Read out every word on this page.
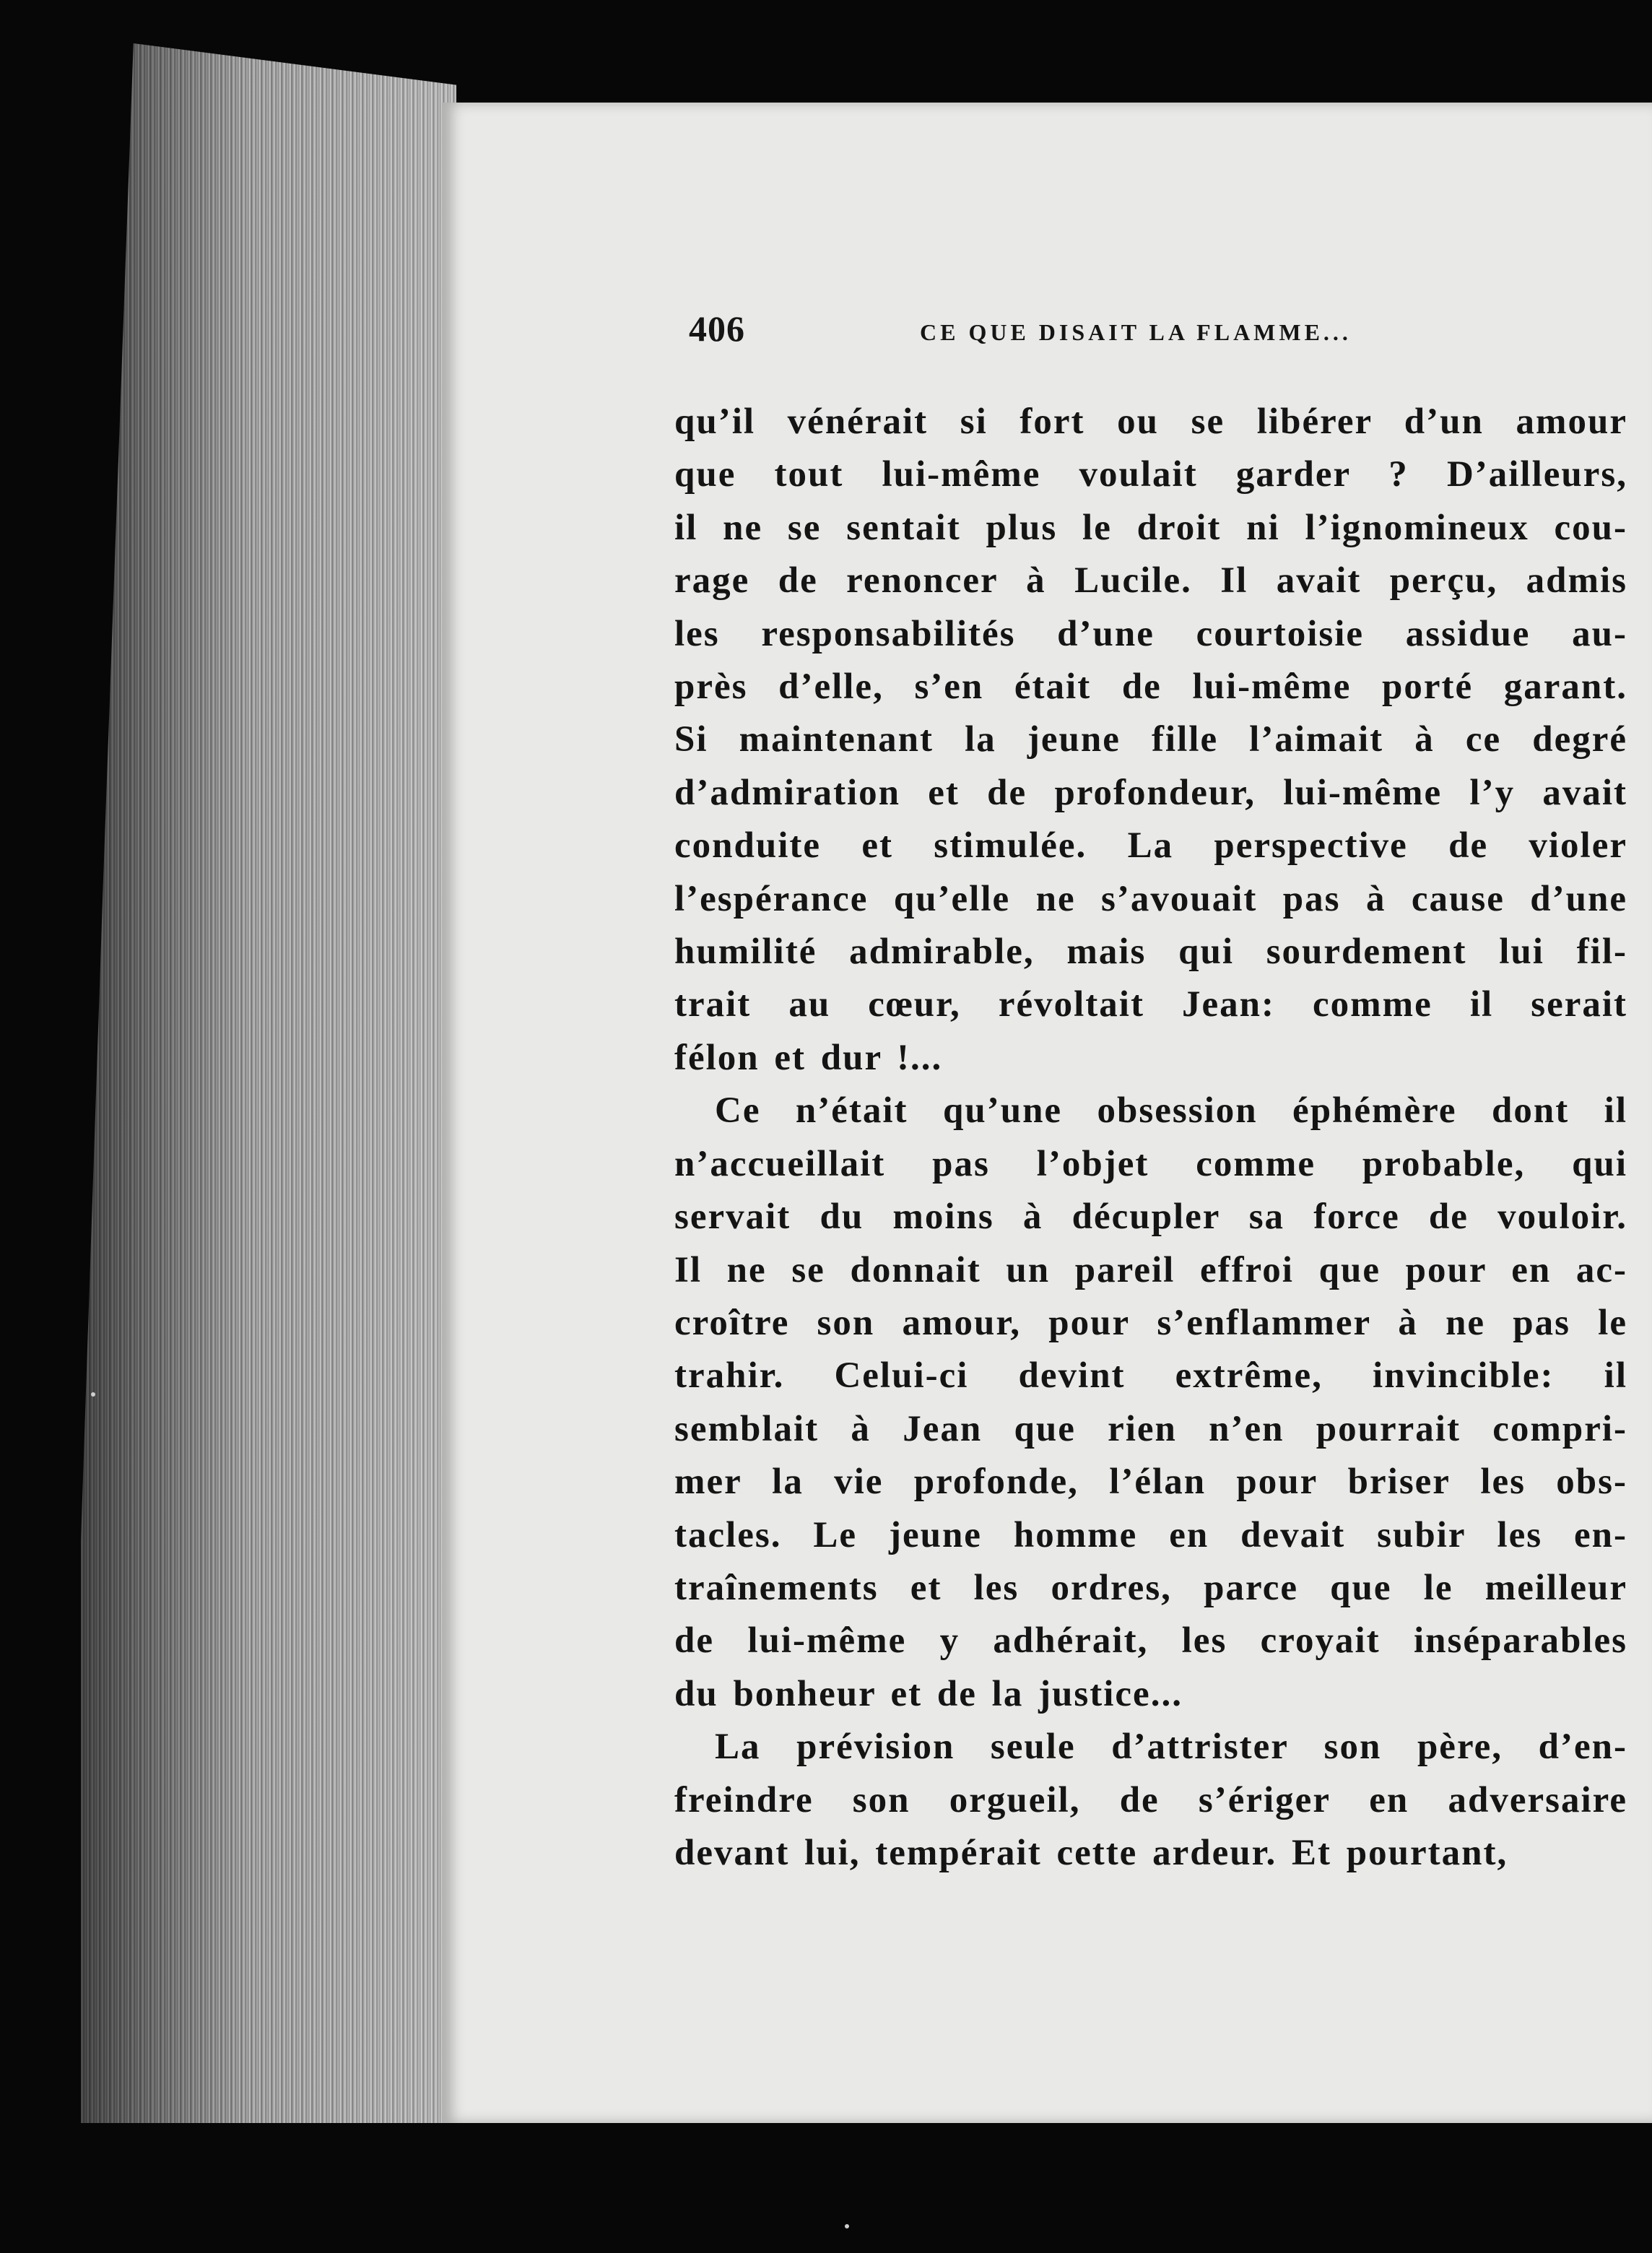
406	CE QUE DISAIT LA FLAMME...
qu’il vénérait si fort ou se libérer d’un amour
que tout lui-même voulait garder ? D’ailleurs,
il ne se sentait plus le droit ni l’ignomineux cou-
rage de renoncer à Lucile. Il avait perçu, admis
les responsabilités d’une courtoisie assidue au-
près d’elle, s’en était de lui-même porté garant.
Si maintenant la jeune fille l’aimait à ce degré
d’admiration et de profondeur, lui-même l’y avait
conduite et stimulée. La perspective de violer
l’espérance qu’elle ne s’avouait pas à cause d’une
humilité admirable, mais qui sourdement lui fil-
trait au cœur, révoltait Jean: comme il serait
félon et dur !...
Ce n’était qu’une obsession éphémère dont il
n’accueillait pas l’objet comme probable, qui
servait du moins à décupler sa force de vouloir.
Il ne se donnait un pareil effroi que pour en ac-
croître son amour, pour s’enflammer à ne pas le
trahir. Celui-ci devint extrême, invincible: il
semblait à Jean que rien n’en pourrait compri-
mer la vie profonde, l’élan pour briser les obs-
tacles. Le jeune homme en devait subir les en-
traînements et les ordres, parce que le meilleur
de lui-même y adhérait, les croyait inséparables
du bonheur et de la justice...
La prévision seule d’attrister son père, d’en-
freindre son orgueil, de s’ériger en adversaire
devant lui, tempérait cette ardeur. Et pourtant,
